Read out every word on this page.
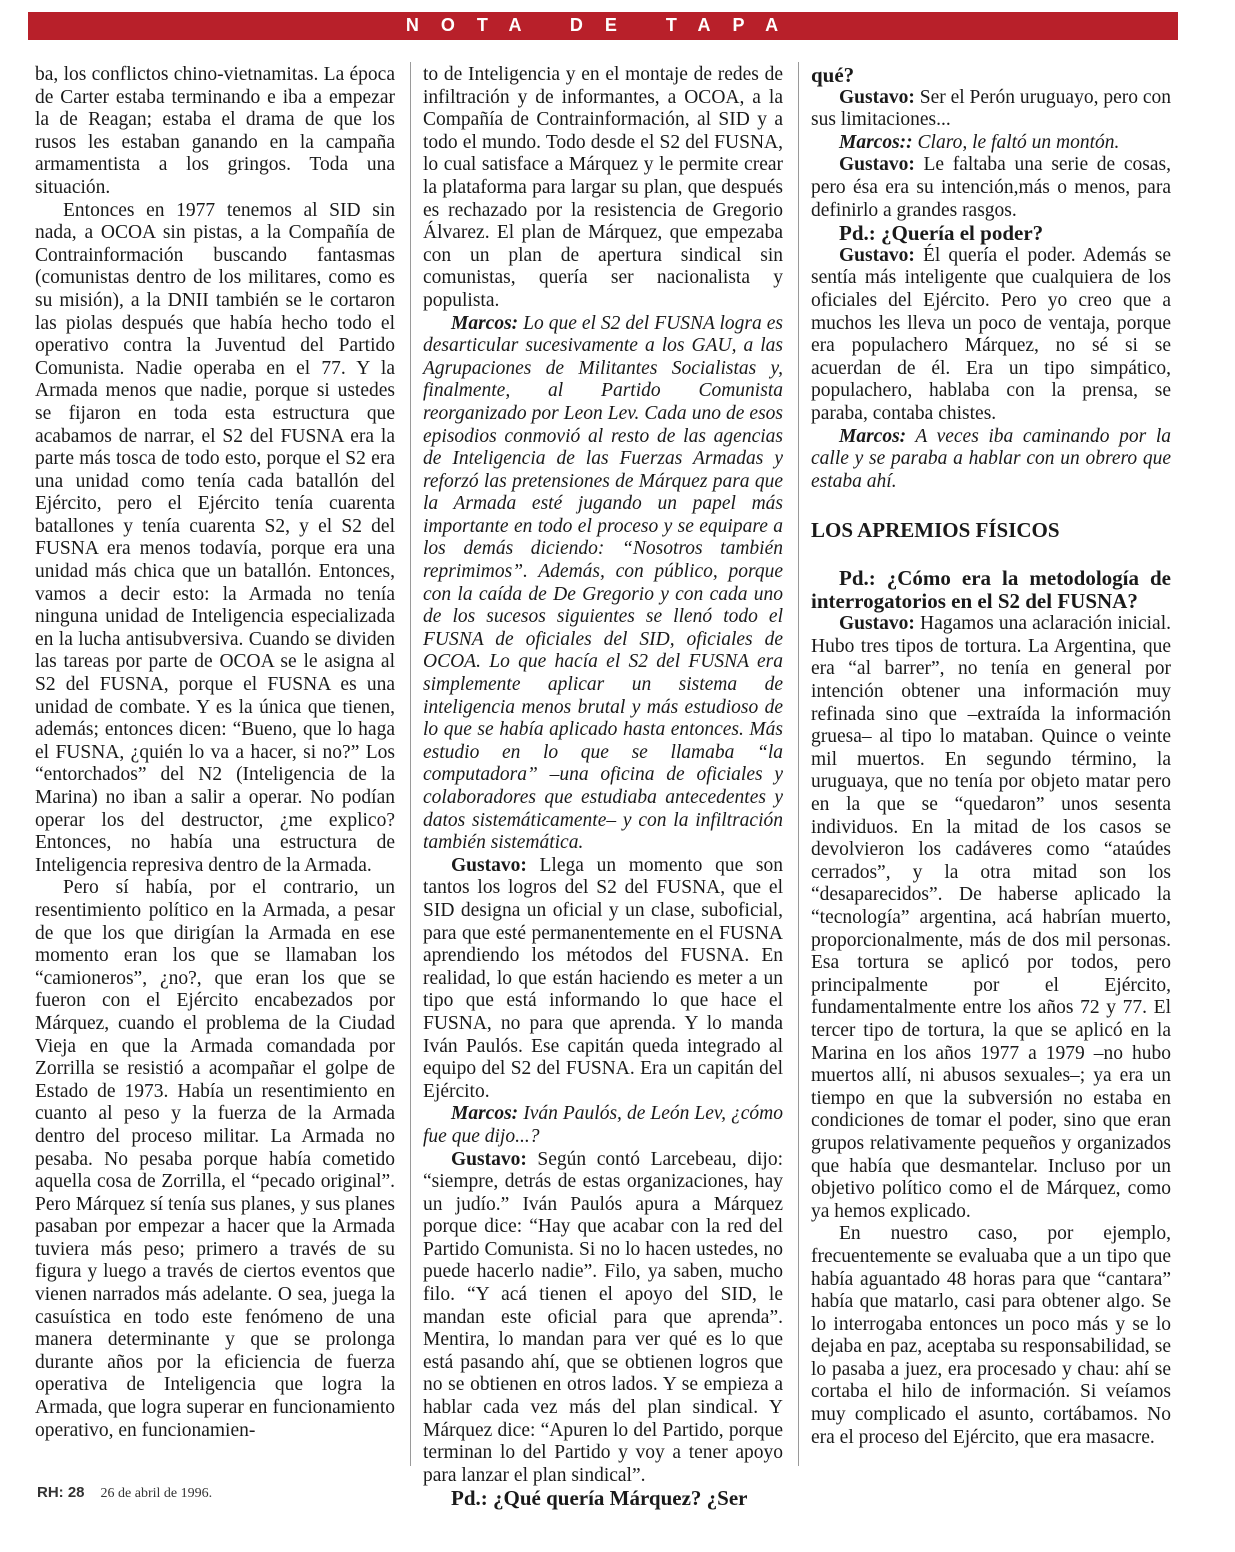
NOTA DE TAPA

ba, los conflictos chino-vietnamitas. La época de Carter estaba terminando e iba a empezar la de Reagan; estaba el drama de que los rusos les estaban ganando en la campaña armamentista a los gringos. Toda una situación.

Entonces en 1977 tenemos al SID sin nada, a OCOA sin pistas, a la Compañía de Contrainformación buscando fantasmas (comunistas dentro de los militares, como es su misión), a la DNII también se le cortaron las piolas después que había hecho todo el operativo contra la Juventud del Partido Comunista. Nadie operaba en el 77. Y la Armada menos que nadie, porque si ustedes se fijaron en toda esta estructura que acabamos de narrar, el S2 del FUSNA era la parte más tosca de todo esto, porque el S2 era una unidad como tenía cada batallón del Ejército, pero el Ejército tenía cuarenta batallones y tenía cuarenta S2, y el S2 del FUSNA era menos todavía, porque era una unidad más chica que un batallón. Entonces, vamos a decir esto: la Armada no tenía ninguna unidad de Inteligencia especializada en la lucha antisubversiva. Cuando se dividen las tareas por parte de OCOA se le asigna al S2 del FUSNA, porque el FUSNA es una unidad de combate. Y es la única que tienen, además; entonces dicen: “Bueno, que lo haga el FUSNA, ¿quién lo va a hacer, si no?” Los “entorchados” del N2 (Inteligencia de la Marina) no iban a salir a operar. No podían operar los del destructor, ¿me explico? Entonces, no había una estructura de Inteligencia represiva dentro de la Armada.

Pero sí había, por el contrario, un resentimiento político en la Armada, a pesar de que los que dirigían la Armada en ese momento eran los que se llamaban los “camioneros”, ¿no?, que eran los que se fueron con el Ejército encabezados por Márquez, cuando el problema de la Ciudad Vieja en que la Armada comandada por Zorrilla se resistió a acompañar el golpe de Estado de 1973. Había un resentimiento en cuanto al peso y la fuerza de la Armada dentro del proceso militar. La Armada no pesaba. No pesaba porque había cometido aquella cosa de Zorrilla, el “pecado original”. Pero Márquez sí tenía sus planes, y sus planes pasaban por empezar a hacer que la Armada tuviera más peso; primero a través de su figura y luego a través de ciertos eventos que vienen narrados más adelante. O sea, juega la casuística en todo este fenómeno de una manera determinante y que se prolonga durante años por la eficiencia de fuerza operativa de Inteligencia que logra la Armada, que logra superar en funcionamiento operativo, en funcionamien-

to de Inteligencia y en el montaje de redes de infiltración y de informantes, a OCOA, a la Compañía de Contrainformación, al SID y a todo el mundo. Todo desde el S2 del FUSNA, lo cual satisface a Márquez y le permite crear la plataforma para largar su plan, que después es rechazado por la resistencia de Gregorio Álvarez. El plan de Márquez, que empezaba con un plan de apertura sindical sin comunistas, quería ser nacionalista y populista.

Marcos: Lo que el S2 del FUSNA logra es desarticular sucesivamente a los GAU, a las Agrupaciones de Militantes Socialistas y, finalmente, al Partido Comunista reorganizado por Leon Lev. Cada uno de esos episodios conmovió al resto de las agencias de Inteligencia de las Fuerzas Armadas y reforzó las pretensiones de Márquez para que la Armada esté jugando un papel más importante en todo el proceso y se equipare a los demás diciendo: “Nosotros también reprimimos”. Además, con público, porque con la caída de De Gregorio y con cada uno de los sucesos siguientes se llenó todo el FUSNA de oficiales del SID, oficiales de OCOA. Lo que hacía el S2 del FUSNA era simplemente aplicar un sistema de inteligencia menos brutal y más estudioso de lo que se había aplicado hasta entonces. Más estudio en lo que se llamaba “la computadora” –una oficina de oficiales y colaboradores que estudiaba antecedentes y datos sistemáticamente– y con la infiltración también sistemática.

Gustavo: Llega un momento que son tantos los logros del S2 del FUSNA, que el SID designa un oficial y un clase, suboficial, para que esté permanentemente en el FUSNA aprendiendo los métodos del FUSNA. En realidad, lo que están haciendo es meter a un tipo que está informando lo que hace el FUSNA, no para que aprenda. Y lo manda Iván Paulós. Ese capitán queda integrado al equipo del S2 del FUSNA. Era un capitán del Ejército.

Marcos: Iván Paulós, de León Lev, ¿cómo fue que dijo...?

Gustavo: Según contó Larcebeau, dijo: “siempre, detrás de estas organizaciones, hay un judío.” Iván Paulós apura a Márquez porque dice: “Hay que acabar con la red del Partido Comunista. Si no lo hacen ustedes, no puede hacerlo nadie”. Filo, ya saben, mucho filo. “Y acá tienen el apoyo del SID, le mandan este oficial para que aprenda”. Mentira, lo mandan para ver qué es lo que está pasando ahí, que se obtienen logros que no se obtienen en otros lados. Y se empieza a hablar cada vez más del plan sindical. Y Márquez dice: “Apuren lo del Partido, porque terminan lo del Partido y voy a tener apoyo para lanzar el plan sindical”.

Pd.: ¿Qué quería Márquez? ¿Ser

qué?

Gustavo: Ser el Perón uruguayo, pero con sus limitaciones...

Marcos:: Claro, le faltó un montón.

Gustavo: Le faltaba una serie de cosas, pero ésa era su intención,más o menos, para definirlo a grandes rasgos.

Pd.: ¿Quería el poder?

Gustavo: Él quería el poder. Además se sentía más inteligente que cualquiera de los oficiales del Ejército. Pero yo creo que a muchos les lleva un poco de ventaja, porque era populachero Márquez, no sé si se acuerdan de él. Era un tipo simpático, populachero, hablaba con la prensa, se paraba, contaba chistes.

Marcos: A veces iba caminando por la calle y se paraba a hablar con un obrero que estaba ahí.

LOS APREMIOS FÍSICOS

Pd.: ¿Cómo era la metodología de interrogatorios en el S2 del FUSNA?

Gustavo: Hagamos una aclaración inicial. Hubo tres tipos de tortura. La Argentina, que era “al barrer”, no tenía en general por intención obtener una información muy refinada sino que –extraída la información gruesa– al tipo lo mataban. Quince o veinte mil muertos. En segundo término, la uruguaya, que no tenía por objeto matar pero en la que se “quedaron” unos sesenta individuos. En la mitad de los casos se devolvieron los cadáveres como “ataúdes cerrados”, y la otra mitad son los “desaparecidos”. De haberse aplicado la “tecnología” argentina, acá habrían muerto, proporcionalmente, más de dos mil personas. Esa tortura se aplicó por todos, pero principalmente por el Ejército, fundamentalmente entre los años 72 y 77. El tercer tipo de tortura, la que se aplicó en la Marina en los años 1977 a 1979 –no hubo muertos allí, ni abusos sexuales–; ya era un tiempo en que la subversión no estaba en condiciones de tomar el poder, sino que eran grupos relativamente pequeños y organizados que había que desmantelar. Incluso por un objetivo político como el de Márquez, como ya hemos explicado.

En nuestro caso, por ejemplo, frecuentemente se evaluaba que a un tipo que había aguantado 48 horas para que “cantara” había que matarlo, casi para obtener algo. Se lo interrogaba entonces un poco más y se lo dejaba en paz, aceptaba su responsabilidad, se lo pasaba a juez, era procesado y chau: ahí se cortaba el hilo de información. Si veíamos muy complicado el asunto, cortábamos. No era el proceso del Ejército, que era masacre.

RH: 28 26 de abril de 1996.
